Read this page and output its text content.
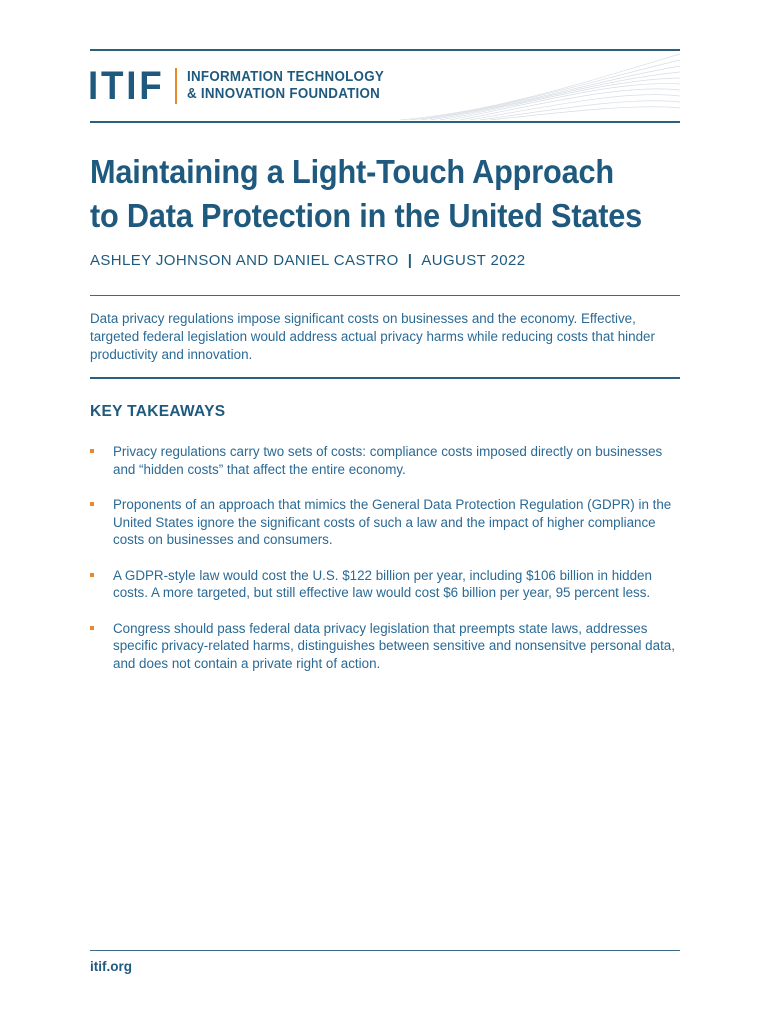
ITIF INFORMATION TECHNOLOGY
& INNOVATION FOUNDATION
Maintaining a Light-Touch Approach
to Data Protection in the United States
ASHLEY JOHNSON AND DANIEL CASTRO | AUGUST 2022

Data privacy regulations impose significant costs on businesses and the economy. Effective, targeted federal legislation would address actual privacy harms while reducing costs that hinder productivity and innovation.

KEY TAKEAWAYS
Privacy regulations carry two sets of costs: compliance costs imposed directly on businesses and “hidden costs” that affect the entire economy.
Proponents of an approach that mimics the General Data Protection Regulation (GDPR) in the United States ignore the significant costs of such a law and the impact of higher compliance costs on businesses and consumers.
A GDPR-style law would cost the U.S. $122 billion per year, including $106 billion in hidden costs. A more targeted, but still effective law would cost $6 billion per year, 95 percent less.
Congress should pass federal data privacy legislation that preempts state laws, addresses specific privacy-related harms, distinguishes between sensitive and nonsensitve personal data, and does not contain a private right of action.
itif.org
